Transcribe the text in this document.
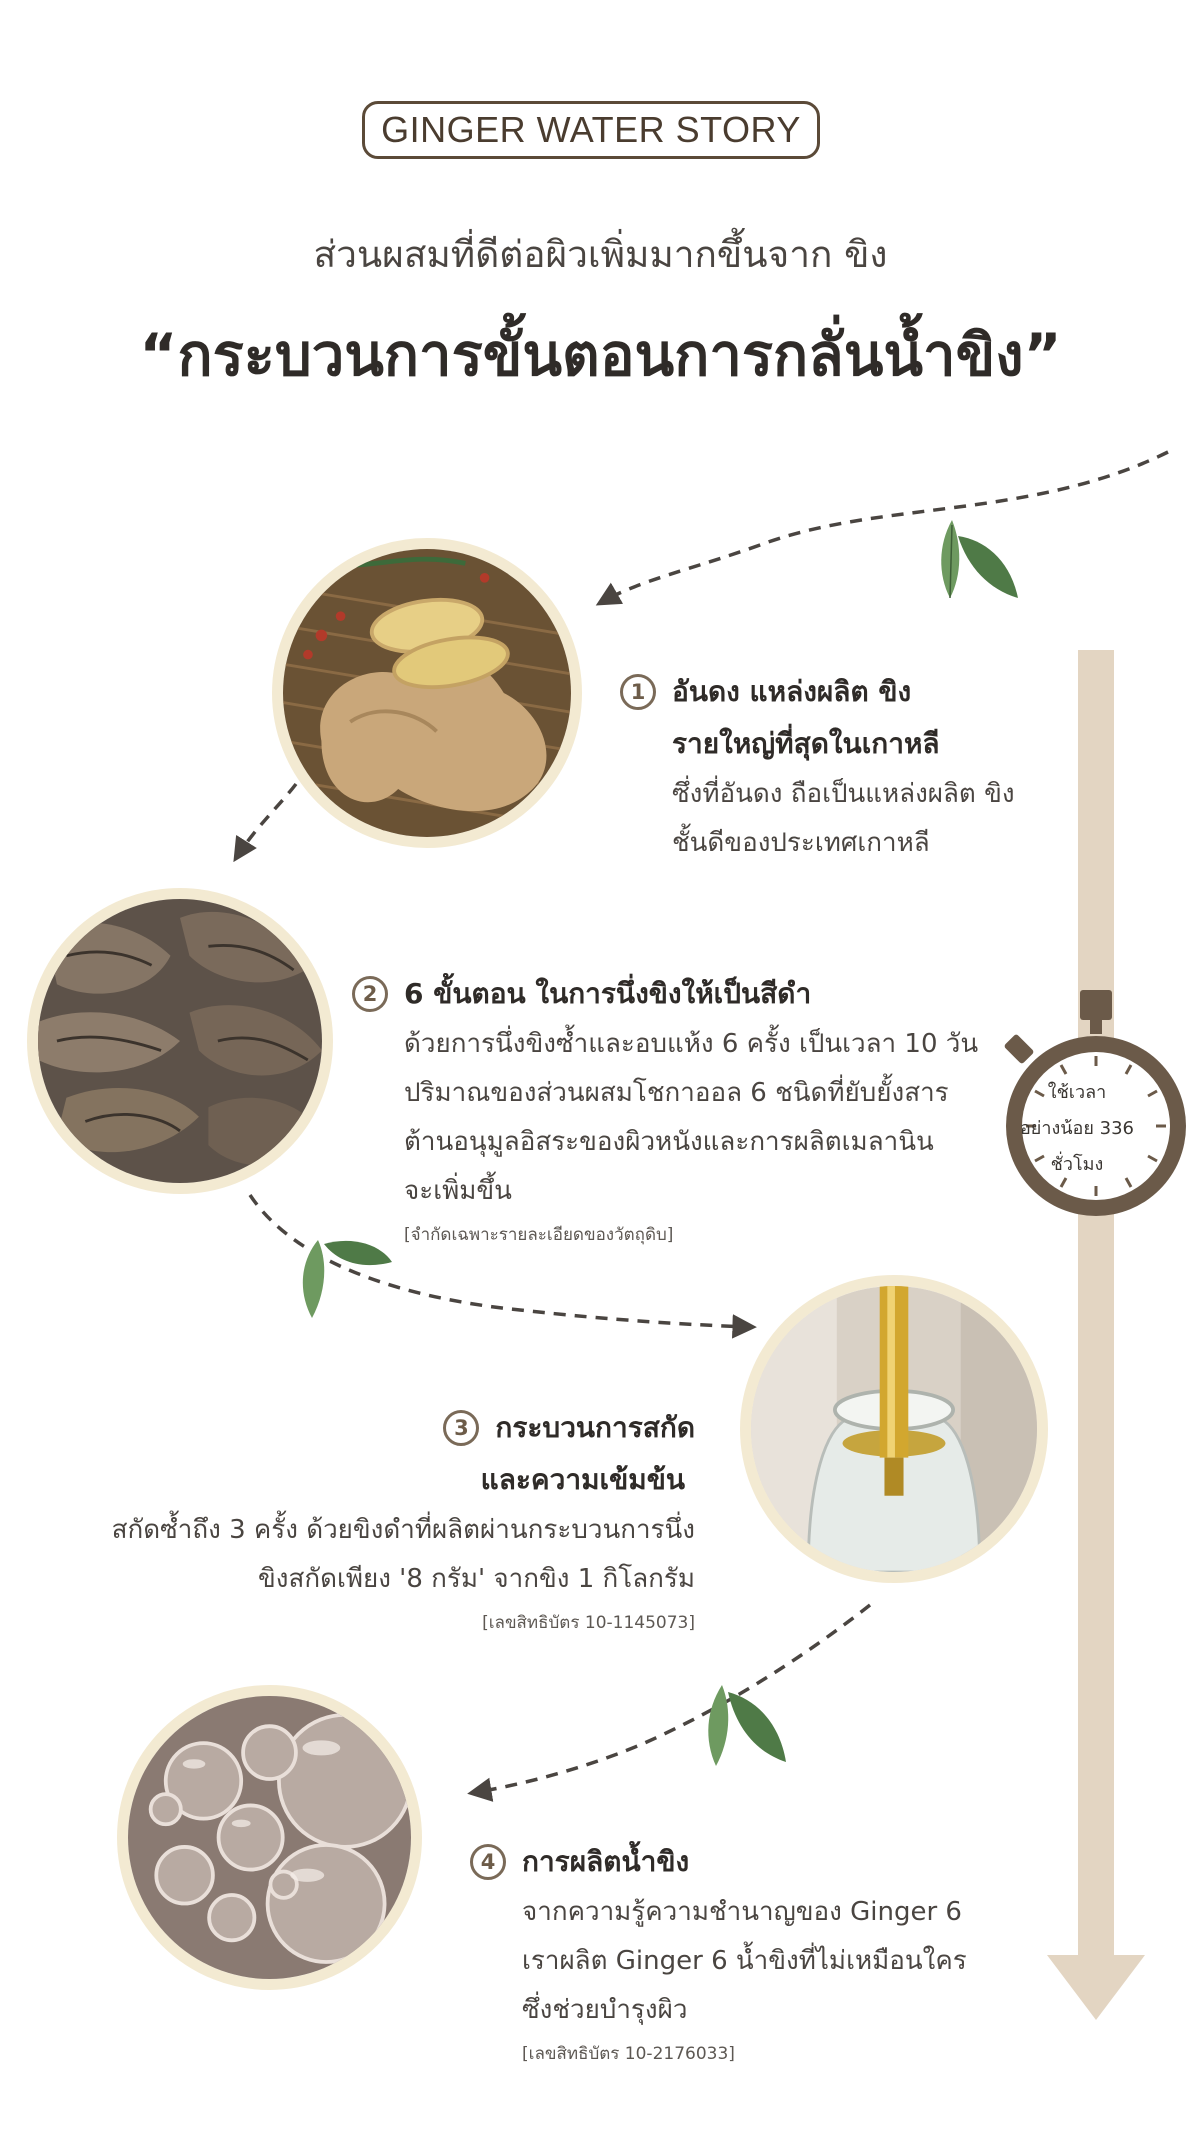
GINGER WATER STORY
ส่วนผสมที่ดีต่อผิวเพิ่มมากขึ้นจาก ขิง
“กระบวนการขั้นตอนการกลั่นน้ำขิง”
ใช้เวลา
อย่างน้อย 336
ชั่วโมง
1 อันดง แหล่งผลิต ขิง
รายใหญ่ที่สุดในเกาหลี
ซึ่งที่อันดง ถือเป็นแหล่งผลิต ขิง
ชั้นดีของประเทศเกาหลี
2 6 ขั้นตอน ในการนึ่งขิงให้เป็นสีดำ
ด้วยการนึ่งขิงซ้ำและอบแห้ง 6 ครั้ง เป็นเวลา 10 วัน
ปริมาณของส่วนผสมโชกาออล 6 ชนิดที่ยับยั้งสาร
ต้านอนุมูลอิสระของผิวหนังและการผลิตเมลานิน
จะเพิ่มขึ้น
[จำกัดเฉพาะรายละเอียดของวัตถุดิบ]
3 กระบวนการสกัด
และความเข้มข้น
สกัดซ้ำถึง 3 ครั้ง ด้วยขิงดำที่ผลิตผ่านกระบวนการนึ่ง
ขิงสกัดเพียง '8 กรัม' จากขิง 1 กิโลกรัม
[เลขสิทธิบัตร 10-1145073]
4 การผลิตน้ำขิง
จากความรู้ความชำนาญของ Ginger 6
เราผลิต Ginger 6 น้ำขิงที่ไม่เหมือนใคร
ซึ่งช่วยบำรุงผิว
[เลขสิทธิบัตร 10-2176033]
